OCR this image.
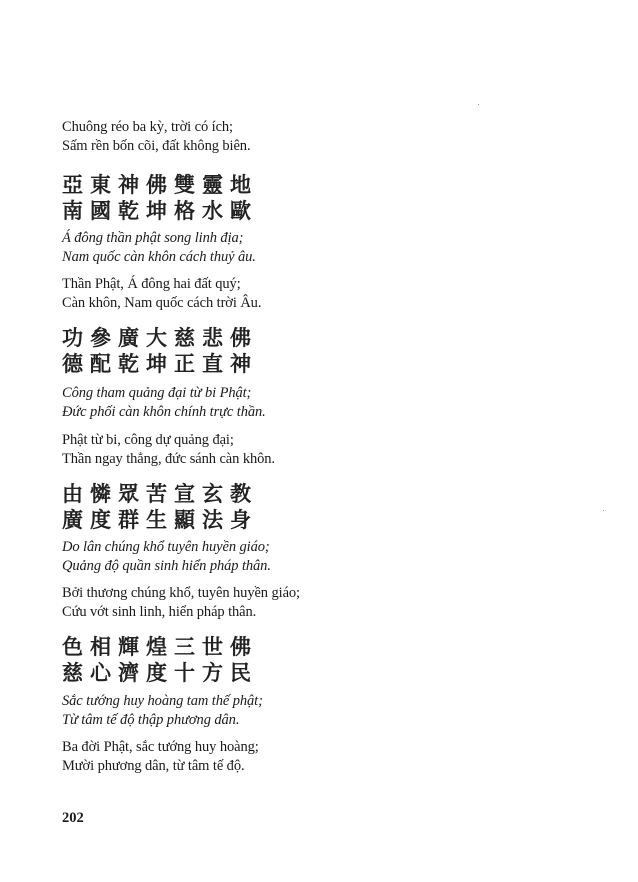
Chuông réo ba kỳ, trời có ích;
Sấm rền bốn cõi, đất không biên.
亞東神佛雙靈地
南國乾坤格水歐
Á đông thần phật song linh địa;
Nam quốc càn khôn cách thuỷ âu.
Thần Phật, Á đông hai đất quý;
Càn khôn, Nam quốc cách trời Âu.
功參廣大慈悲佛
德配乾坤正直神
Công tham quảng đại từ bi Phật;
Đức phối càn khôn chính trực thần.
Phật từ bi, công dự quảng đại;
Thần ngay thẳng, đức sánh càn khôn.
由憐眾苦宣玄教
廣度群生顯法身
Do lân chúng khổ tuyên huyền giáo;
Quảng độ quần sinh hiển pháp thân.
Bởi thương chúng khổ, tuyên huyền giáo;
Cứu vớt sinh linh, hiển pháp thân.
色相輝煌三世佛
慈心濟度十方民
Sắc tướng huy hoàng tam thế phật;
Từ tâm tế độ thập phương dân.
Ba đời Phật, sắc tướng huy hoàng;
Mười phương dân, từ tâm tế độ.
202
